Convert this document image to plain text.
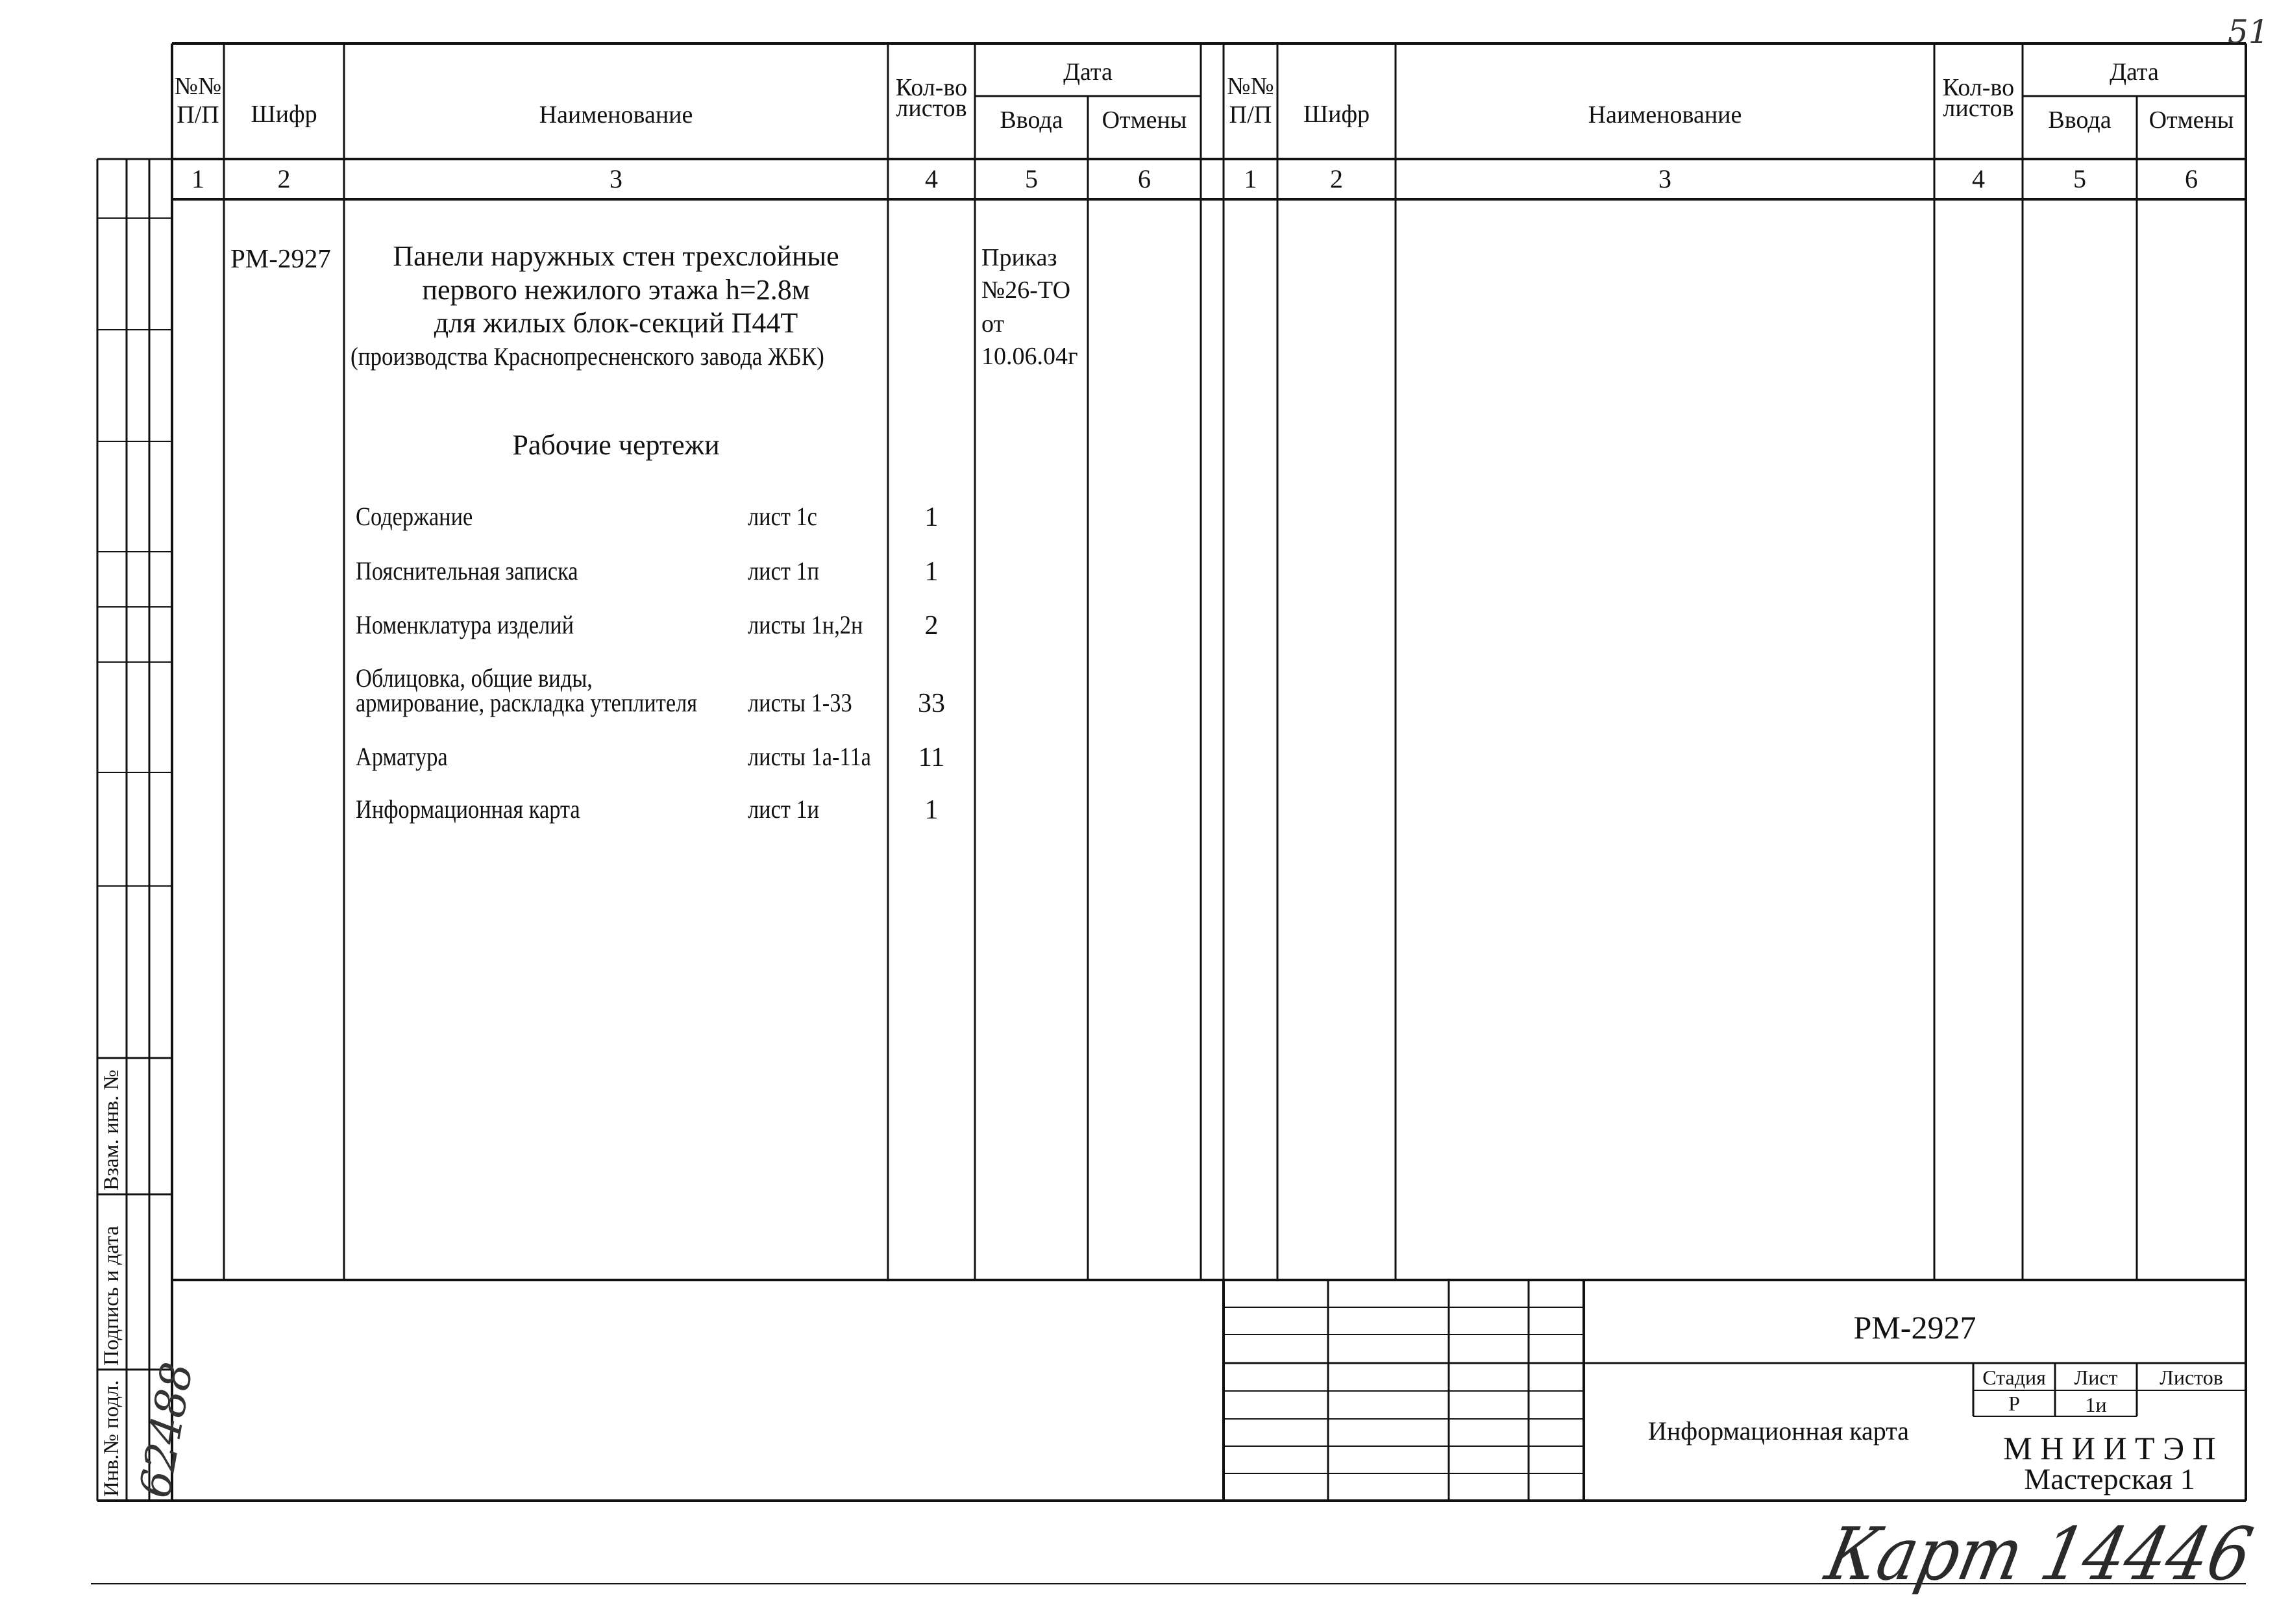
51
№№
П/П	Шифр	Наименование
Кол-во
листов
Дата
Ввода	Отмены
№№
П/П	Шифр	Наименование
Кол-во
листов
Дата
Ввода	Отмены
1	2	3	4	5	6	1	2	3	4	5	6
РМ-2927	Панели наружных стен трехслойные
первого нежилого этажа h=2.8м
для жилых блок-секций П44Т
(производства Краснопресненского завода ЖБК)
Приказ
№26-ТО
от
10.06.04г
Рабочие чертежи
Содержание	лист 1с	1
Пояснительная записка	лист 1п	1
Номенклатура изделий	листы 1н,2н	2
Облицовка, общие виды,
армирование, раскладка утеплителя листы 1-33	33
Арматура	листы 1а-11а	11
Информационная карта	лист 1и	1
Инв.№ подл.
Подпись и дата
Взам. инв. №
62488
РМ-2927
Информационная карта
Стадия	Лист	Листов
Р	1и
М Н И И Т Э П
Мастерская 1
Карт 14446
